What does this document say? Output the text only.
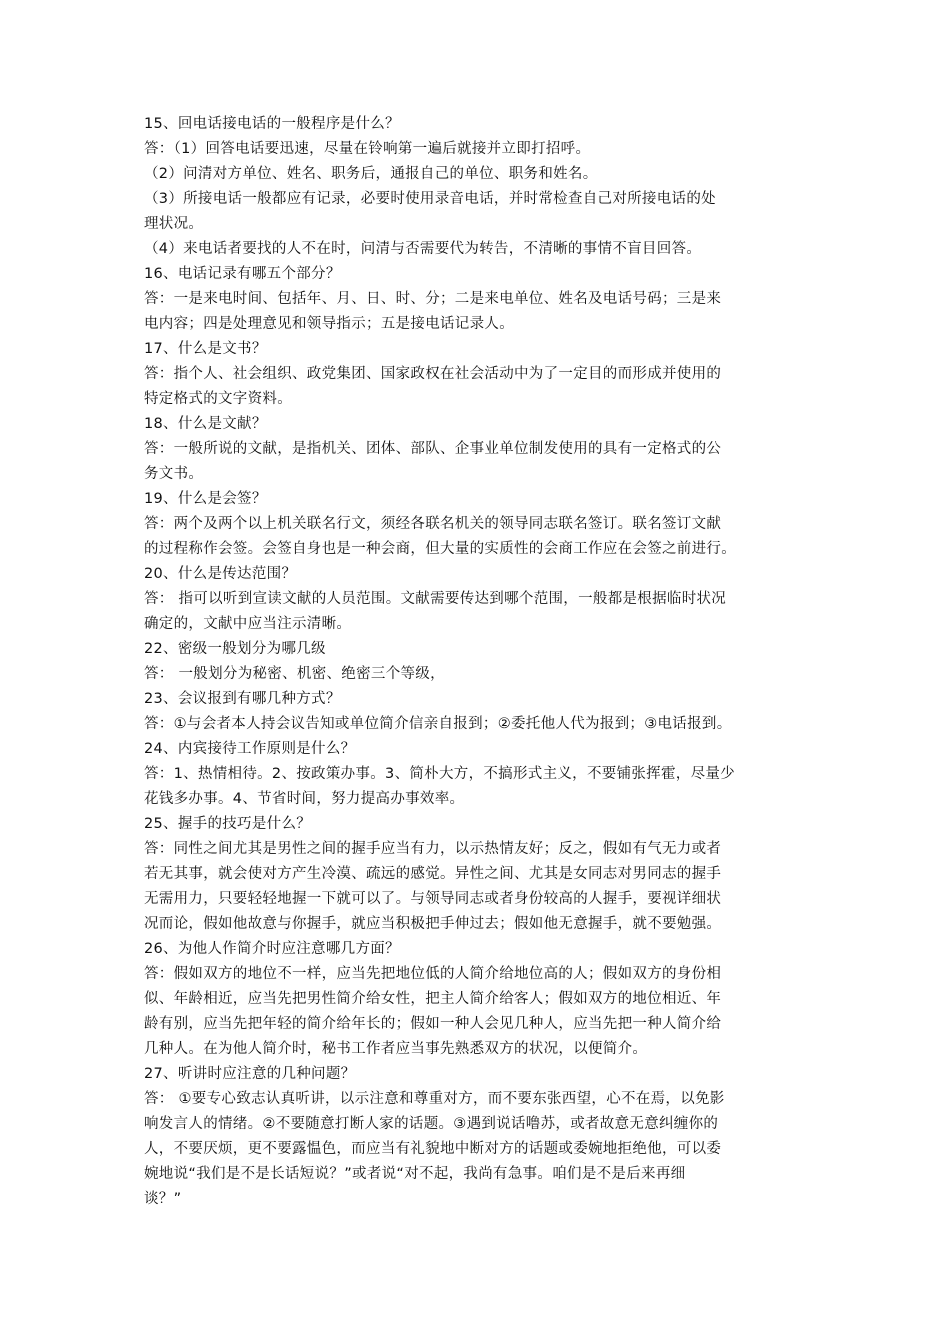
15、回电话接电话的一般程序是什么？
答：（1）回答电话要迅速，尽量在铃响第一遍后就接并立即打招呼。
（2）问清对方单位、姓名、职务后，通报自己的单位、职务和姓名。
（3）所接电话一般都应有记录，必要时使用录音电话，并时常检查自己对所接电话的处
理状况。
（4）来电话者要找的人不在时，问清与否需要代为转告，不清晰的事情不盲目回答。
16、电话记录有哪五个部分？
答：一是来电时间、包括年、月、日、时、分；二是来电单位、姓名及电话号码；三是来
电内容；四是处理意见和领导指示；五是接电话记录人。
17、什么是文书？
答：指个人、社会组织、政党集团、国家政权在社会活动中为了一定目的而形成并使用的
特定格式的文字资料。
18、什么是文献？
答：一般所说的文献，是指机关、团体、部队、企事业单位制发使用的具有一定格式的公
务文书。
19、什么是会签？
答：两个及两个以上机关联名行文，须经各联名机关的领导同志联名签订。联名签订文献
的过程称作会签。会签自身也是一种会商，但大量的实质性的会商工作应在会签之前进行。
20、什么是传达范围？
答： 指可以听到宣读文献的人员范围。文献需要传达到哪个范围，一般都是根据临时状况
确定的，文献中应当注示清晰。
22、密级一般划分为哪几级
答： 一般划分为秘密、机密、绝密三个等级，
23、会议报到有哪几种方式？
答：①与会者本人持会议告知或单位简介信亲自报到；②委托他人代为报到；③电话报到。
24、内宾接待工作原则是什么？
答：1、热情相待。2、按政策办事。3、简朴大方，不搞形式主义，不要铺张挥霍，尽量少
花钱多办事。4、节省时间，努力提高办事效率。
25、握手的技巧是什么？
答：同性之间尤其是男性之间的握手应当有力，以示热情友好；反之，假如有气无力或者
若无其事，就会使对方产生冷漠、疏远的感觉。异性之间、尤其是女同志对男同志的握手
无需用力，只要轻轻地握一下就可以了。与领导同志或者身份较高的人握手，要视详细状
况而论，假如他故意与你握手，就应当积极把手伸过去；假如他无意握手，就不要勉强。
26、为他人作简介时应注意哪几方面？
答：假如双方的地位不一样，应当先把地位低的人简介给地位高的人；假如双方的身份相
似、年龄相近，应当先把男性简介给女性，把主人简介给客人；假如双方的地位相近、年
龄有别，应当先把年轻的简介给年长的；假如一种人会见几种人，应当先把一种人简介给
几种人。在为他人简介时，秘书工作者应当事先熟悉双方的状况，以便简介。
27、听讲时应注意的几种问题？
答： ①要专心致志认真听讲，以示注意和尊重对方，而不要东张西望，心不在焉，以免影
响发言人的情绪。②不要随意打断人家的话题。③遇到说话噜苏，或者故意无意纠缠你的
人，不要厌烦，更不要露愠色，而应当有礼貌地中断对方的话题或委婉地拒绝他，可以委
婉地说“我们是不是长话短说？”或者说“对不起，我尚有急事。咱们是不是后来再细
谈？”
